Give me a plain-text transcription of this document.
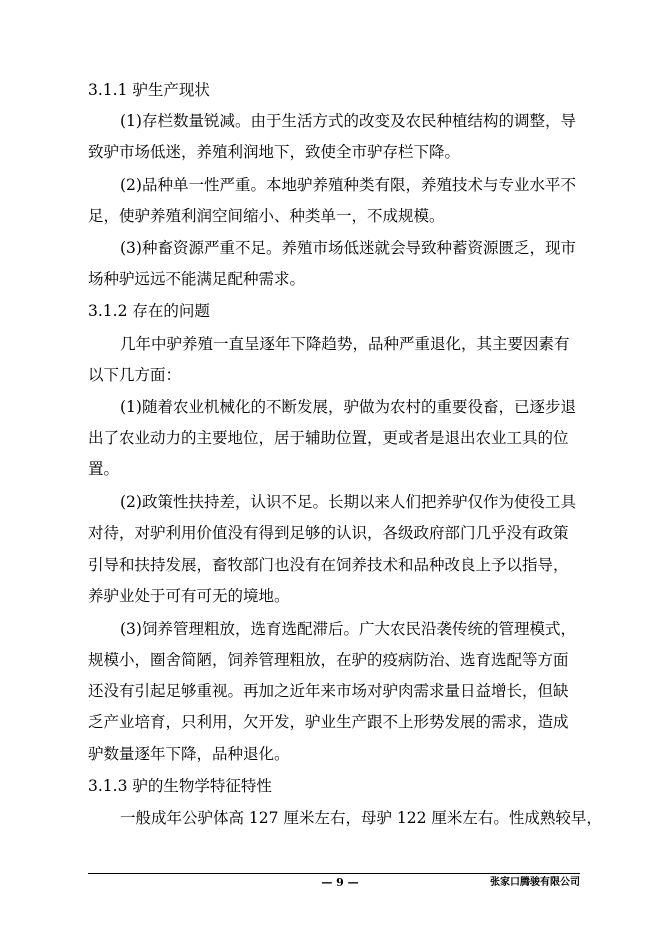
3.1.1 驴生产现状
(1)存栏数量锐减。由于生活方式的改变及农民种植结构的调整，导
致驴市场低迷，养殖利润地下，致使全市驴存栏下降。
(2)品种单一性严重。本地驴养殖种类有限，养殖技术与专业水平不
足，使驴养殖利润空间缩小、种类单一，不成规模。
(3)种畜资源严重不足。养殖市场低迷就会导致种蓄资源匮乏，现市
场种驴远远不能满足配种需求。
3.1.2 存在的问题
几年中驴养殖一直呈逐年下降趋势，品种严重退化，其主要因素有
以下几方面：
(1)随着农业机械化的不断发展，驴做为农村的重要役畜，已逐步退
出了农业动力的主要地位，居于辅助位置，更或者是退出农业工具的位
置。
(2)政策性扶持差，认识不足。长期以来人们把养驴仅作为使役工具
对待，对驴利用价值没有得到足够的认识，各级政府部门几乎没有政策
引导和扶持发展，畜牧部门也没有在饲养技术和品种改良上予以指导，
养驴业处于可有可无的境地。
(3)饲养管理粗放，选育选配滞后。广大农民沿袭传统的管理模式，
规模小，圈舍简陋，饲养管理粗放，在驴的疫病防治、选育选配等方面
还没有引起足够重视。再加之近年来市场对驴肉需求量日益增长，但缺
乏产业培育，只利用，欠开发，驴业生产跟不上形势发展的需求，造成
驴数量逐年下降，品种退化。
3.1.3 驴的生物学特征特性
一般成年公驴体高 127 厘米左右，母驴 122 厘米左右。性成熟较早，
— 9 —	张家口腾骏有限公司
